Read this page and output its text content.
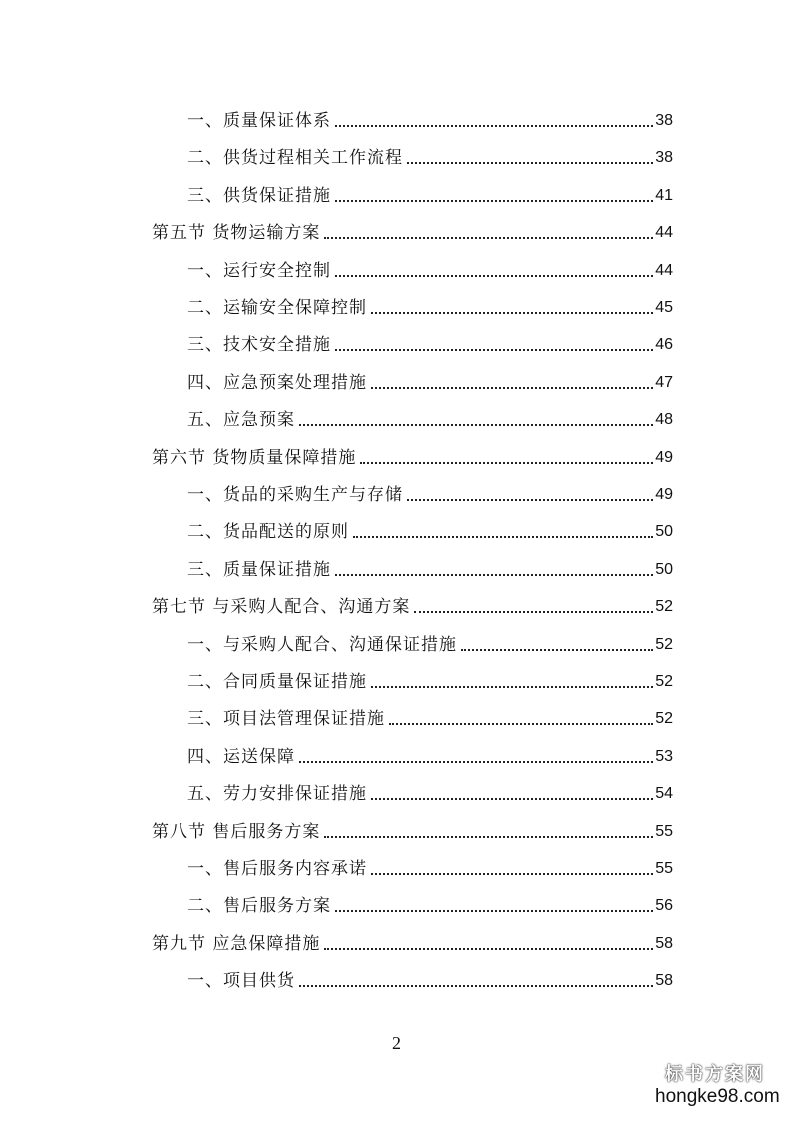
一、质量保证体系	38
二、供货过程相关工作流程	38
三、供货保证措施	41
第五节 货物运输方案	44
一、运行安全控制	44
二、运输安全保障控制	45
三、技术安全措施	46
四、应急预案处理措施	47
五、应急预案	48
第六节 货物质量保障措施	49
一、货品的采购生产与存储	49
二、货品配送的原则	50
三、质量保证措施	50
第七节 与采购人配合、沟通方案	52
一、与采购人配合、沟通保证措施	52
二、合同质量保证措施	52
三、项目法管理保证措施	52
四、运送保障	53
五、劳力安排保证措施	54
第八节 售后服务方案	55
一、售后服务内容承诺	55
二、售后服务方案	56
第九节 应急保障措施	58
一、项目供货	58
2
标书方案网
hongke98.com
